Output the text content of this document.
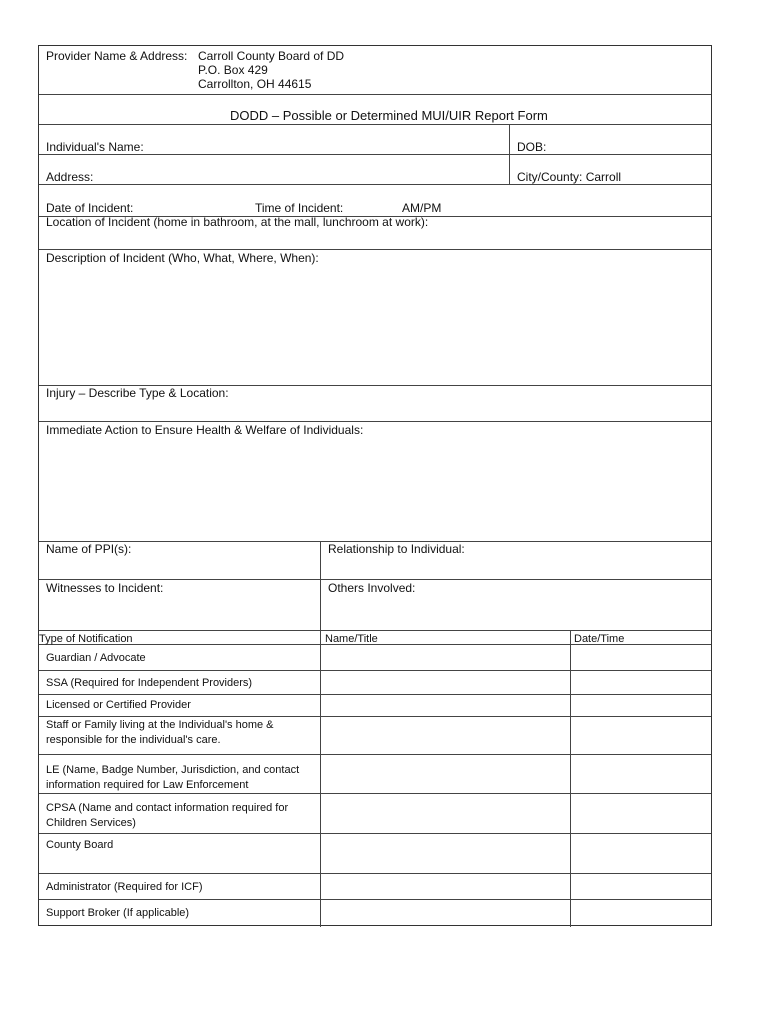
Provider Name & Address: Carroll County Board of DD
P.O. Box 429
Carrollton, OH 44615
DODD – Possible or Determined MUI/UIR Report Form
Individual's Name:	DOB:
Address:	City/County: Carroll
Date of Incident:	Time of Incident:	AM/PM
Location of Incident (home in bathroom, at the mall, lunchroom at work):
Description of Incident (Who, What, Where, When):
Injury – Describe Type & Location:
Immediate Action to Ensure Health & Welfare of Individuals:
Name of PPI(s):	Relationship to Individual:
Witnesses to Incident:	Others Involved:
Type of Notification	Name/Title	Date/Time
Guardian / Advocate
SSA (Required for Independent Providers)
Licensed or Certified Provider
Staff or Family living at the Individual's home &
responsible for the individual's care.
LE (Name, Badge Number, Jurisdiction, and contact
information required for Law Enforcement
CPSA (Name and contact information required for
Children Services)
County Board
Administrator (Required for ICF)
Support Broker (If applicable)
